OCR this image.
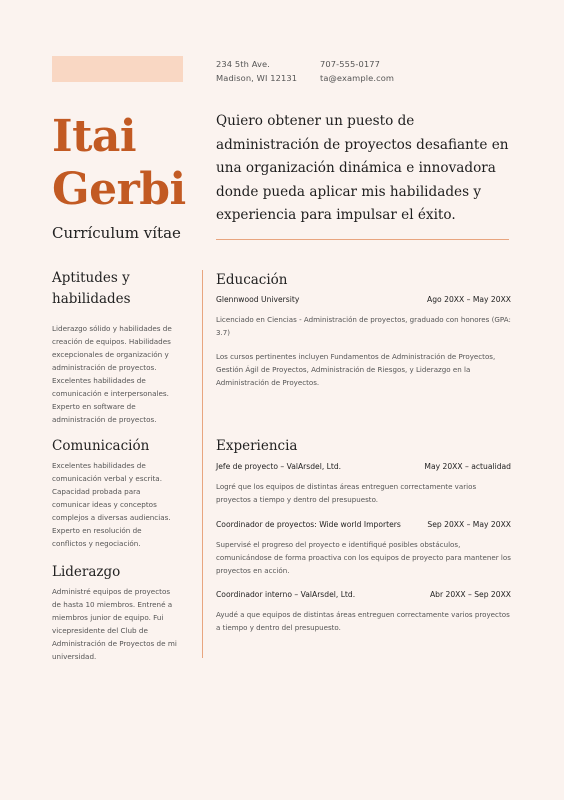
234 5th Ave.
Madison, WI 12131
707-555-0177
ta@example.com
Itai
Gerbi
Currículum vítae
Quiero obtener un puesto de administración de proyectos desafiante en una organización dinámica e innovadora donde pueda aplicar mis habilidades y experiencia para impulsar el éxito.
Aptitudes y habilidades

Liderazgo sólido y habilidades de creación de equipos. Habilidades excepcionales de organización y administración de proyectos. Excelentes habilidades de comunicación e interpersonales. Experto en software de administración de proyectos.

Comunicación

Excelentes habilidades de comunicación verbal y escrita. Capacidad probada para comunicar ideas y conceptos complejos a diversas audiencias. Experto en resolución de conflictos y negociación.

Liderazgo

Administré equipos de proyectos de hasta 10 miembros. Entrené a miembros junior de equipo. Fui vicepresidente del Club de Administración de Proyectos de mi universidad.

Educación
Glennwood University	Ago 20XX – May 20XX

Licenciado en Ciencias - Administración de proyectos, graduado con honores (GPA: 3.7)

Los cursos pertinentes incluyen Fundamentos de Administración de Proyectos, Gestión Ágil de Proyectos, Administración de Riesgos, y Liderazgo en la Administración de Proyectos.

Experiencia
Jefe de proyecto – ValArsdel, Ltd.	May 20XX – actualidad

Logré que los equipos de distintas áreas entreguen correctamente varios proyectos a tiempo y dentro del presupuesto.

Coordinador de proyectos: Wide world Importers	Sep 20XX – May 20XX

Supervisé el progreso del proyecto e identifiqué posibles obstáculos, comunicándose de forma proactiva con los equipos de proyecto para mantener los proyectos en acción.

Coordinador interno – ValArsdel, Ltd.	Abr 20XX – Sep 20XX

Ayudé a que equipos de distintas áreas entreguen correctamente varios proyectos a tiempo y dentro del presupuesto.
